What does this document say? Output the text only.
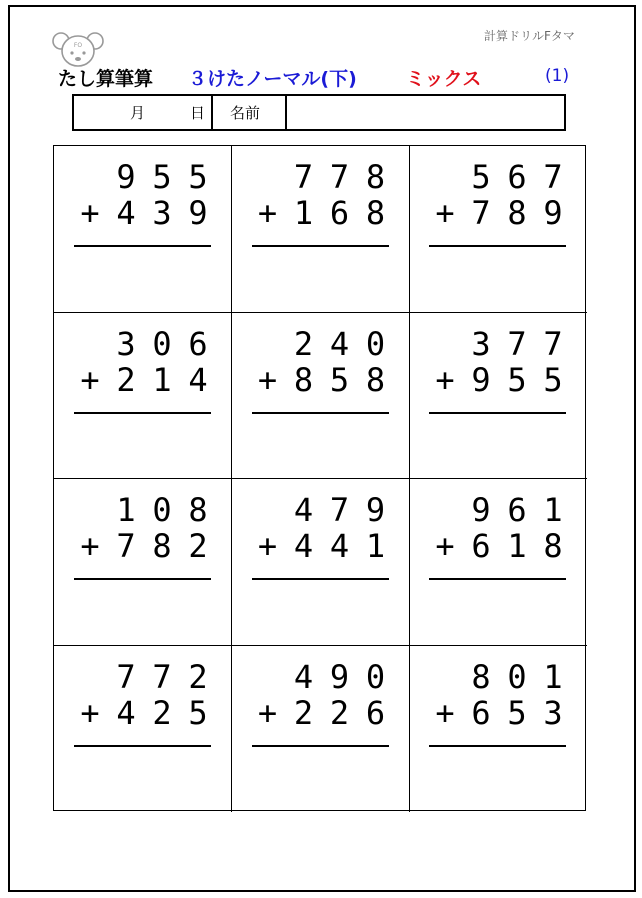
FO
計算ドリルFタマ
たし算筆算 ３けたノーマル(下)	ミックス	(1)
月	日 名前
9 5 5
+ 4 3 9
7 7 8
+ 1 6 8
5 6 7
+ 7 8 9
3 0 6
+ 2 1 4
2 4 0
+ 8 5 8
3 7 7
+ 9 5 5
1 0 8
+ 7 8 2
4 7 9
+ 4 4 1
9 6 1
+ 6 1 8
7 7 2
+ 4 2 5
4 9 0
+ 2 2 6
8 0 1
+ 6 5 3
